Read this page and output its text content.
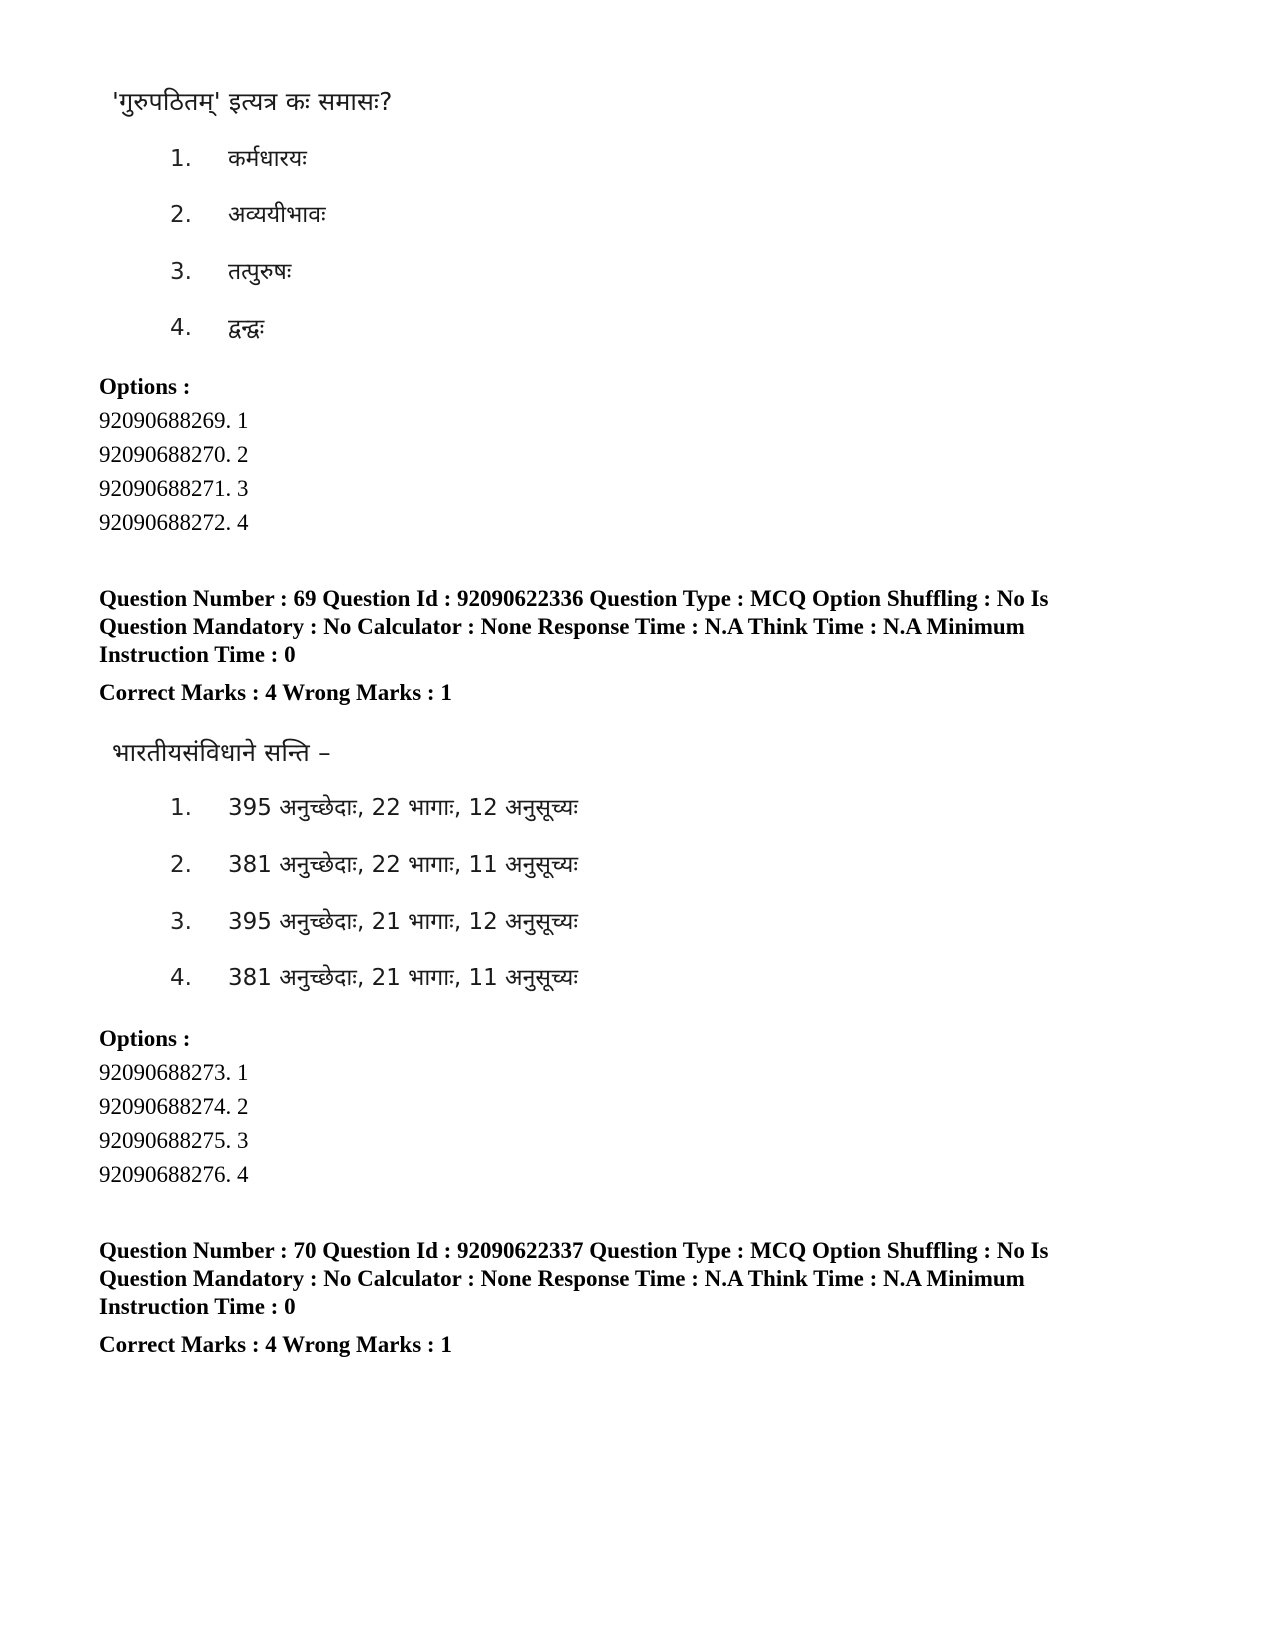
'गुरुपठितम्' इत्यत्र कः समासः?
1.	कर्मधारयः
2.	अव्ययीभावः
3.	तत्पुरुषः
4.	द्वन्द्वः
Options :
92090688269. 1
92090688270. 2
92090688271. 3
92090688272. 4
Question Number : 69 Question Id : 92090622336 Question Type : MCQ Option Shuffling : No Is
Question Mandatory : No Calculator : None Response Time : N.A Think Time : N.A Minimum
Instruction Time : 0
Correct Marks : 4 Wrong Marks : 1
भारतीयसंविधाने सन्ति –
1.	395 अनुच्छेदाः, 22 भागाः, 12 अनुसूच्यः
2.	381 अनुच्छेदाः, 22 भागाः, 11 अनुसूच्यः
3.	395 अनुच्छेदाः, 21 भागाः, 12 अनुसूच्यः
4.	381 अनुच्छेदाः, 21 भागाः, 11 अनुसूच्यः
Options :
92090688273. 1
92090688274. 2
92090688275. 3
92090688276. 4
Question Number : 70 Question Id : 92090622337 Question Type : MCQ Option Shuffling : No Is
Question Mandatory : No Calculator : None Response Time : N.A Think Time : N.A Minimum
Instruction Time : 0
Correct Marks : 4 Wrong Marks : 1
